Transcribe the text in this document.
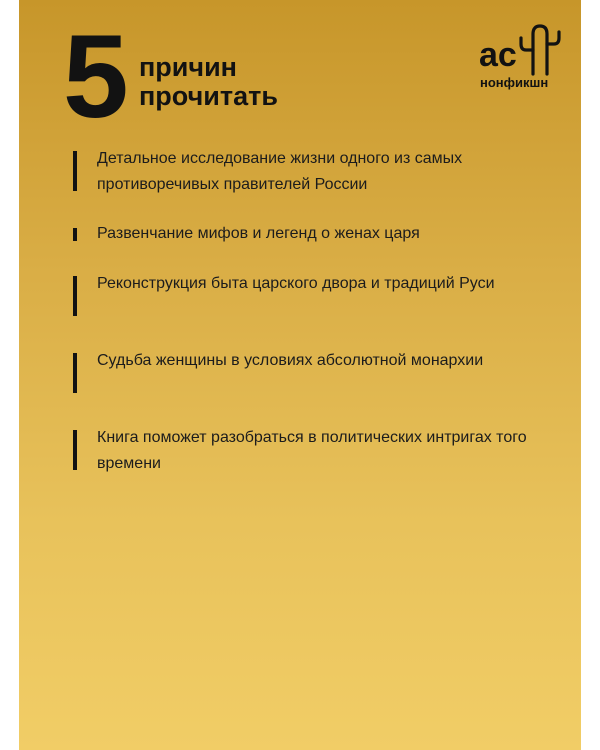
5 причин
прочитать
ас
нонфикшн
Детальное исследование жизни одного из самых противоречивых правителей России
Развенчание мифов и легенд о женах царя
Реконструкция быта царского двора и традиций Руси
Судьба женщины в условиях абсолютной монархии
Книга поможет разобраться в политических интригах того времени
